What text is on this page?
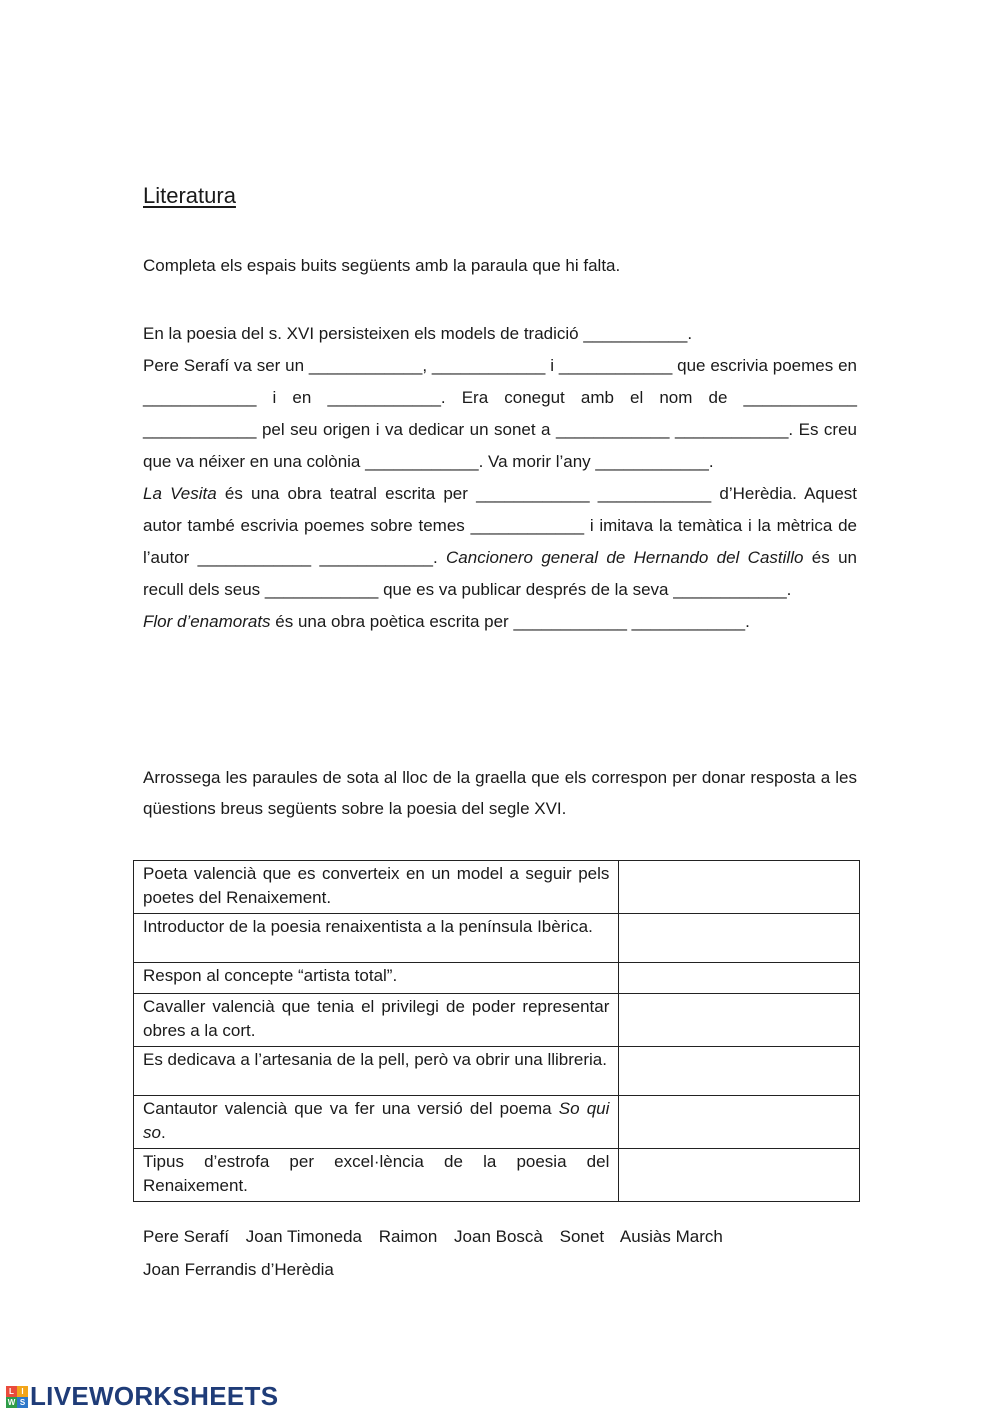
Literatura
Completa els espais buits següents amb la paraula que hi falta.

En la poesia del s. XVI persisteixen els models de tradició ___________.

Pere Serafí va ser un ____________, ____________ i ____________ que escrivia poemes en ____________ i en ____________. Era conegut amb el nom de ____________ ____________ pel seu origen i va dedicar un sonet a ____________ ____________. Es creu que va néixer en una colònia ____________. Va morir l’any ____________.

La Vesita és una obra teatral escrita per ____________ ____________ d’Herèdia. Aquest autor també escrivia poemes sobre temes ____________ i imitava la temàtica i la mètrica de l’autor ____________ ____________. Cancionero general de Hernando del Castillo és un recull dels seus ____________ que es va publicar després de la seva ____________.

Flor d’enamorats és una obra poètica escrita per ____________ ____________.

Arrossega les paraules de sota al lloc de la graella que els correspon per donar resposta a les qüestions breus següents sobre la poesia del segle XVI.
Poeta valencià que es converteix en un model a seguir pels poetes del Renaixement.	
Introductor de la poesia renaixentista a la península Ibèrica.	
Respon al concepte “artista total”.	
Cavaller valencià que tenia el privilegi de poder representar obres a la cort.	
Es dedicava a l’artesania de la pell, però va obrir una llibreria.	
Cantautor valencià que va fer una versió del poema So qui so.	
Tipus d’estrofa per excel·lència de la poesia del Renaixement.	
Pere Serafí Joan Timoneda Raimon Joan Boscà Sonet Ausiàs March
Joan Ferrandis d’Herèdia
L I
W S LIVEWORKSHEETS
